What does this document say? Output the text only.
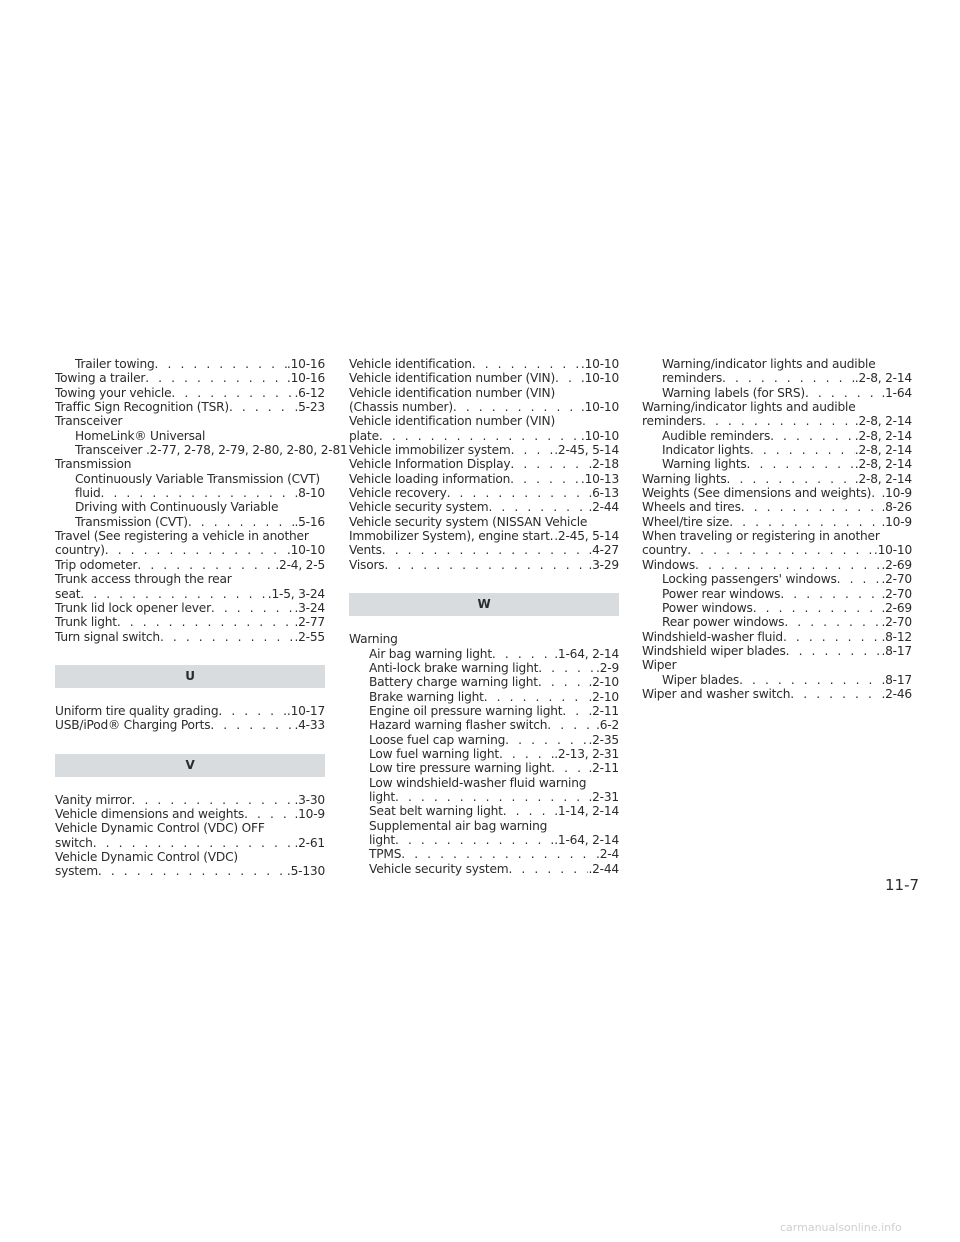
Trailer towing . . .	.10-16
Towing a trailer . . .	.10-16
Towing your vehicle . . .	.6-12
Traffic Sign Recognition (TSR) . . .	.5-23
Transceiver
HomeLink® Universal
Transceiver .2-77, 2-78, 2-79, 2-80, 2-80, 2-81
Transmission
Continuously Variable Transmission (CVT)
fluid . . .	.8-10
Driving with Continuously Variable
Transmission (CVT) . . .	.5-16
Travel (See registering a vehicle in another
country) . . .	.10-10
Trip odometer . . .	.2-4, 2-5
Trunk access through the rear
seat . . .	.1-5, 3-24
Trunk lid lock opener lever . . .	.3-24
Trunk light . . .	.2-77
Turn signal switch . . .	.2-55
U
Uniform tire quality grading . . .	.10-17
USB/iPod® Charging Ports . . .	.4-33
V
Vanity mirror . . .	.3-30
Vehicle dimensions and weights . . .	.10-9
Vehicle Dynamic Control (VDC) OFF
switch . . .	.2-61
Vehicle Dynamic Control (VDC)
system . . .	.5-130
Vehicle identification . . .	.10-10
Vehicle identification number (VIN) . . . .10-10
Vehicle identification number (VIN)
(Chassis number) . . .	.10-10
Vehicle identification number (VIN)
plate . . .	.10-10
Vehicle immobilizer system . . .	.2-45, 5-14
Vehicle Information Display . . .	.2-18
Vehicle loading information . . .	.10-13
Vehicle recovery . . .	.6-13
Vehicle security system . . .	.2-44
Vehicle security system (NISSAN Vehicle
Immobilizer System), engine start . . . .2-45, 5-14
Vents . . .	.4-27
Visors . . .	.3-29
W
Warning
Air bag warning light . . .	.1-64, 2-14
Anti-lock brake warning light . . .	.2-9
Battery charge warning light . . .	.2-10
Brake warning light . . .	.2-10
Engine oil pressure warning light . . . .2-11
Hazard warning flasher switch . . .	.6-2
Loose fuel cap warning . . .	.2-35
Low fuel warning light . . .	.2-13, 2-31
Low tire pressure warning light . . .	.2-11
Low windshield-washer fluid warning
light . . .	.2-31
Seat belt warning light . . .	.1-14, 2-14
Supplemental air bag warning
light . . .	.1-64, 2-14
TPMS . . .	.2-4
Vehicle security system . . .	.2-44
Warning/indicator lights and audible
reminders . . .	.2-8, 2-14
Warning labels (for SRS) . . .	.1-64
Warning/indicator lights and audible
reminders . . .	.2-8, 2-14
Audible reminders . . .	.2-8, 2-14
Indicator lights . . .	.2-8, 2-14
Warning lights . . .	.2-8, 2-14
Warning lights . . .	.2-8, 2-14
Weights (See dimensions and weights) . . . .10-9
Wheels and tires . . .	.8-26
Wheel/tire size . . .	.10-9
When traveling or registering in another
country . . .	.10-10
Windows . . .	.2-69
Locking passengers' windows . . .	.2-70
Power rear windows . . .	.2-70
Power windows . . .	.2-69
Rear power windows . . .	.2-70
Windshield-washer fluid . . .	.8-12
Windshield wiper blades . . .	.8-17
Wiper
Wiper blades . . .	.8-17
Wiper and washer switch . . .	.2-46
11-7
carmanualsonline.info
